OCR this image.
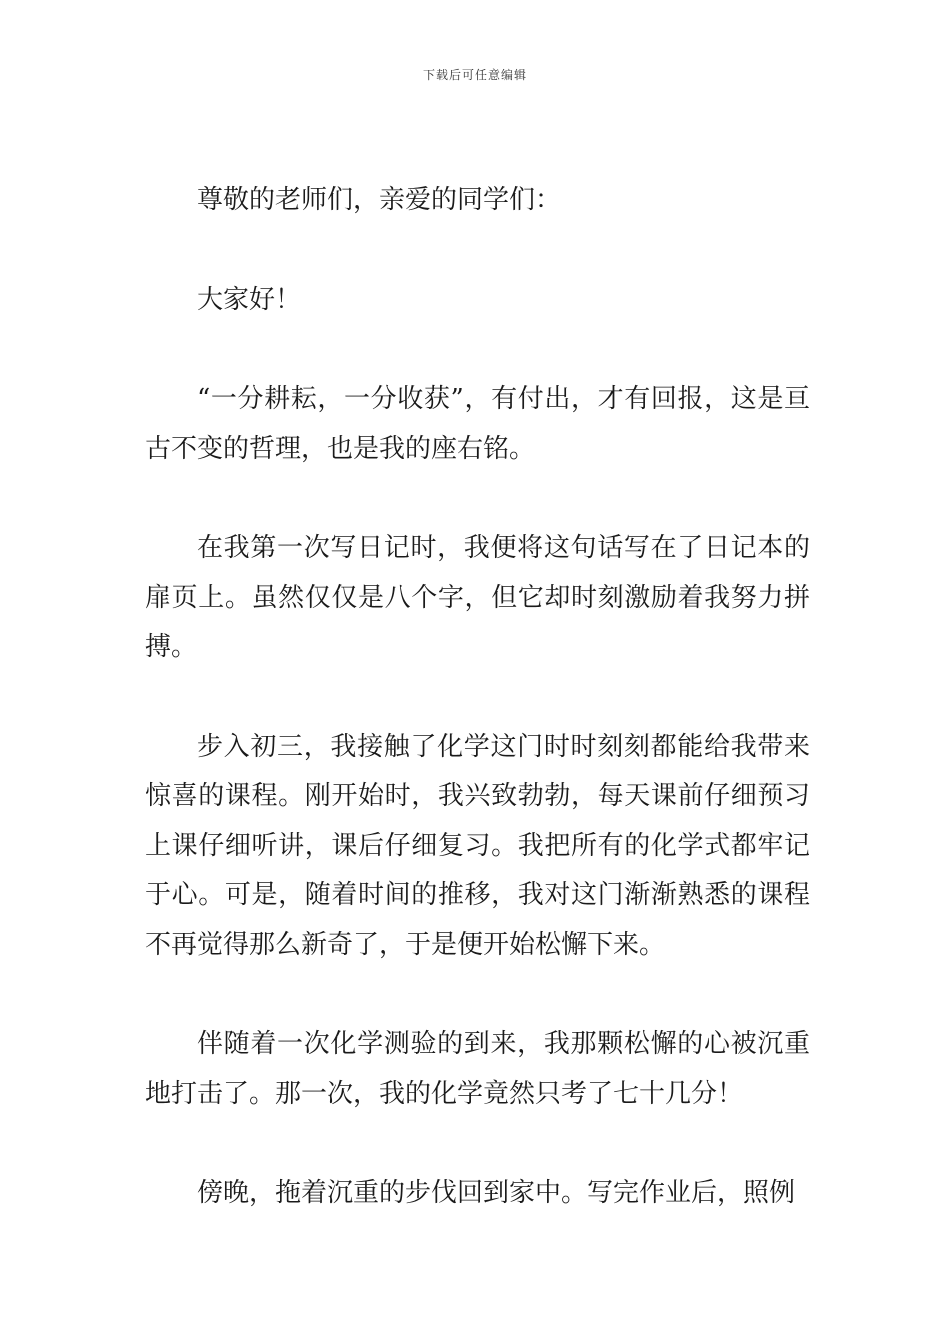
下载后可任意编辑

尊敬的老师们，亲爱的同学们：

大家好！

“一分耕耘，一分收获”，有付出，才有回报，这是亘古不变的哲理，也是我的座右铭。

在我第一次写日记时，我便将这句话写在了日记本的扉页上。虽然仅仅是八个字，但它却时刻激励着我努力拼搏。

步入初三，我接触了化学这门时时刻刻都能给我带来惊喜的课程。刚开始时，我兴致勃勃，每天课前仔细预习上课仔细听讲，课后仔细复习。我把所有的化学式都牢记于心。可是，随着时间的推移，我对这门渐渐熟悉的课程不再觉得那么新奇了，于是便开始松懈下来。

伴随着一次化学测验的到来，我那颗松懈的心被沉重地打击了。那一次，我的化学竟然只考了七十几分！

傍晚，拖着沉重的步伐回到家中。写完作业后，照例
